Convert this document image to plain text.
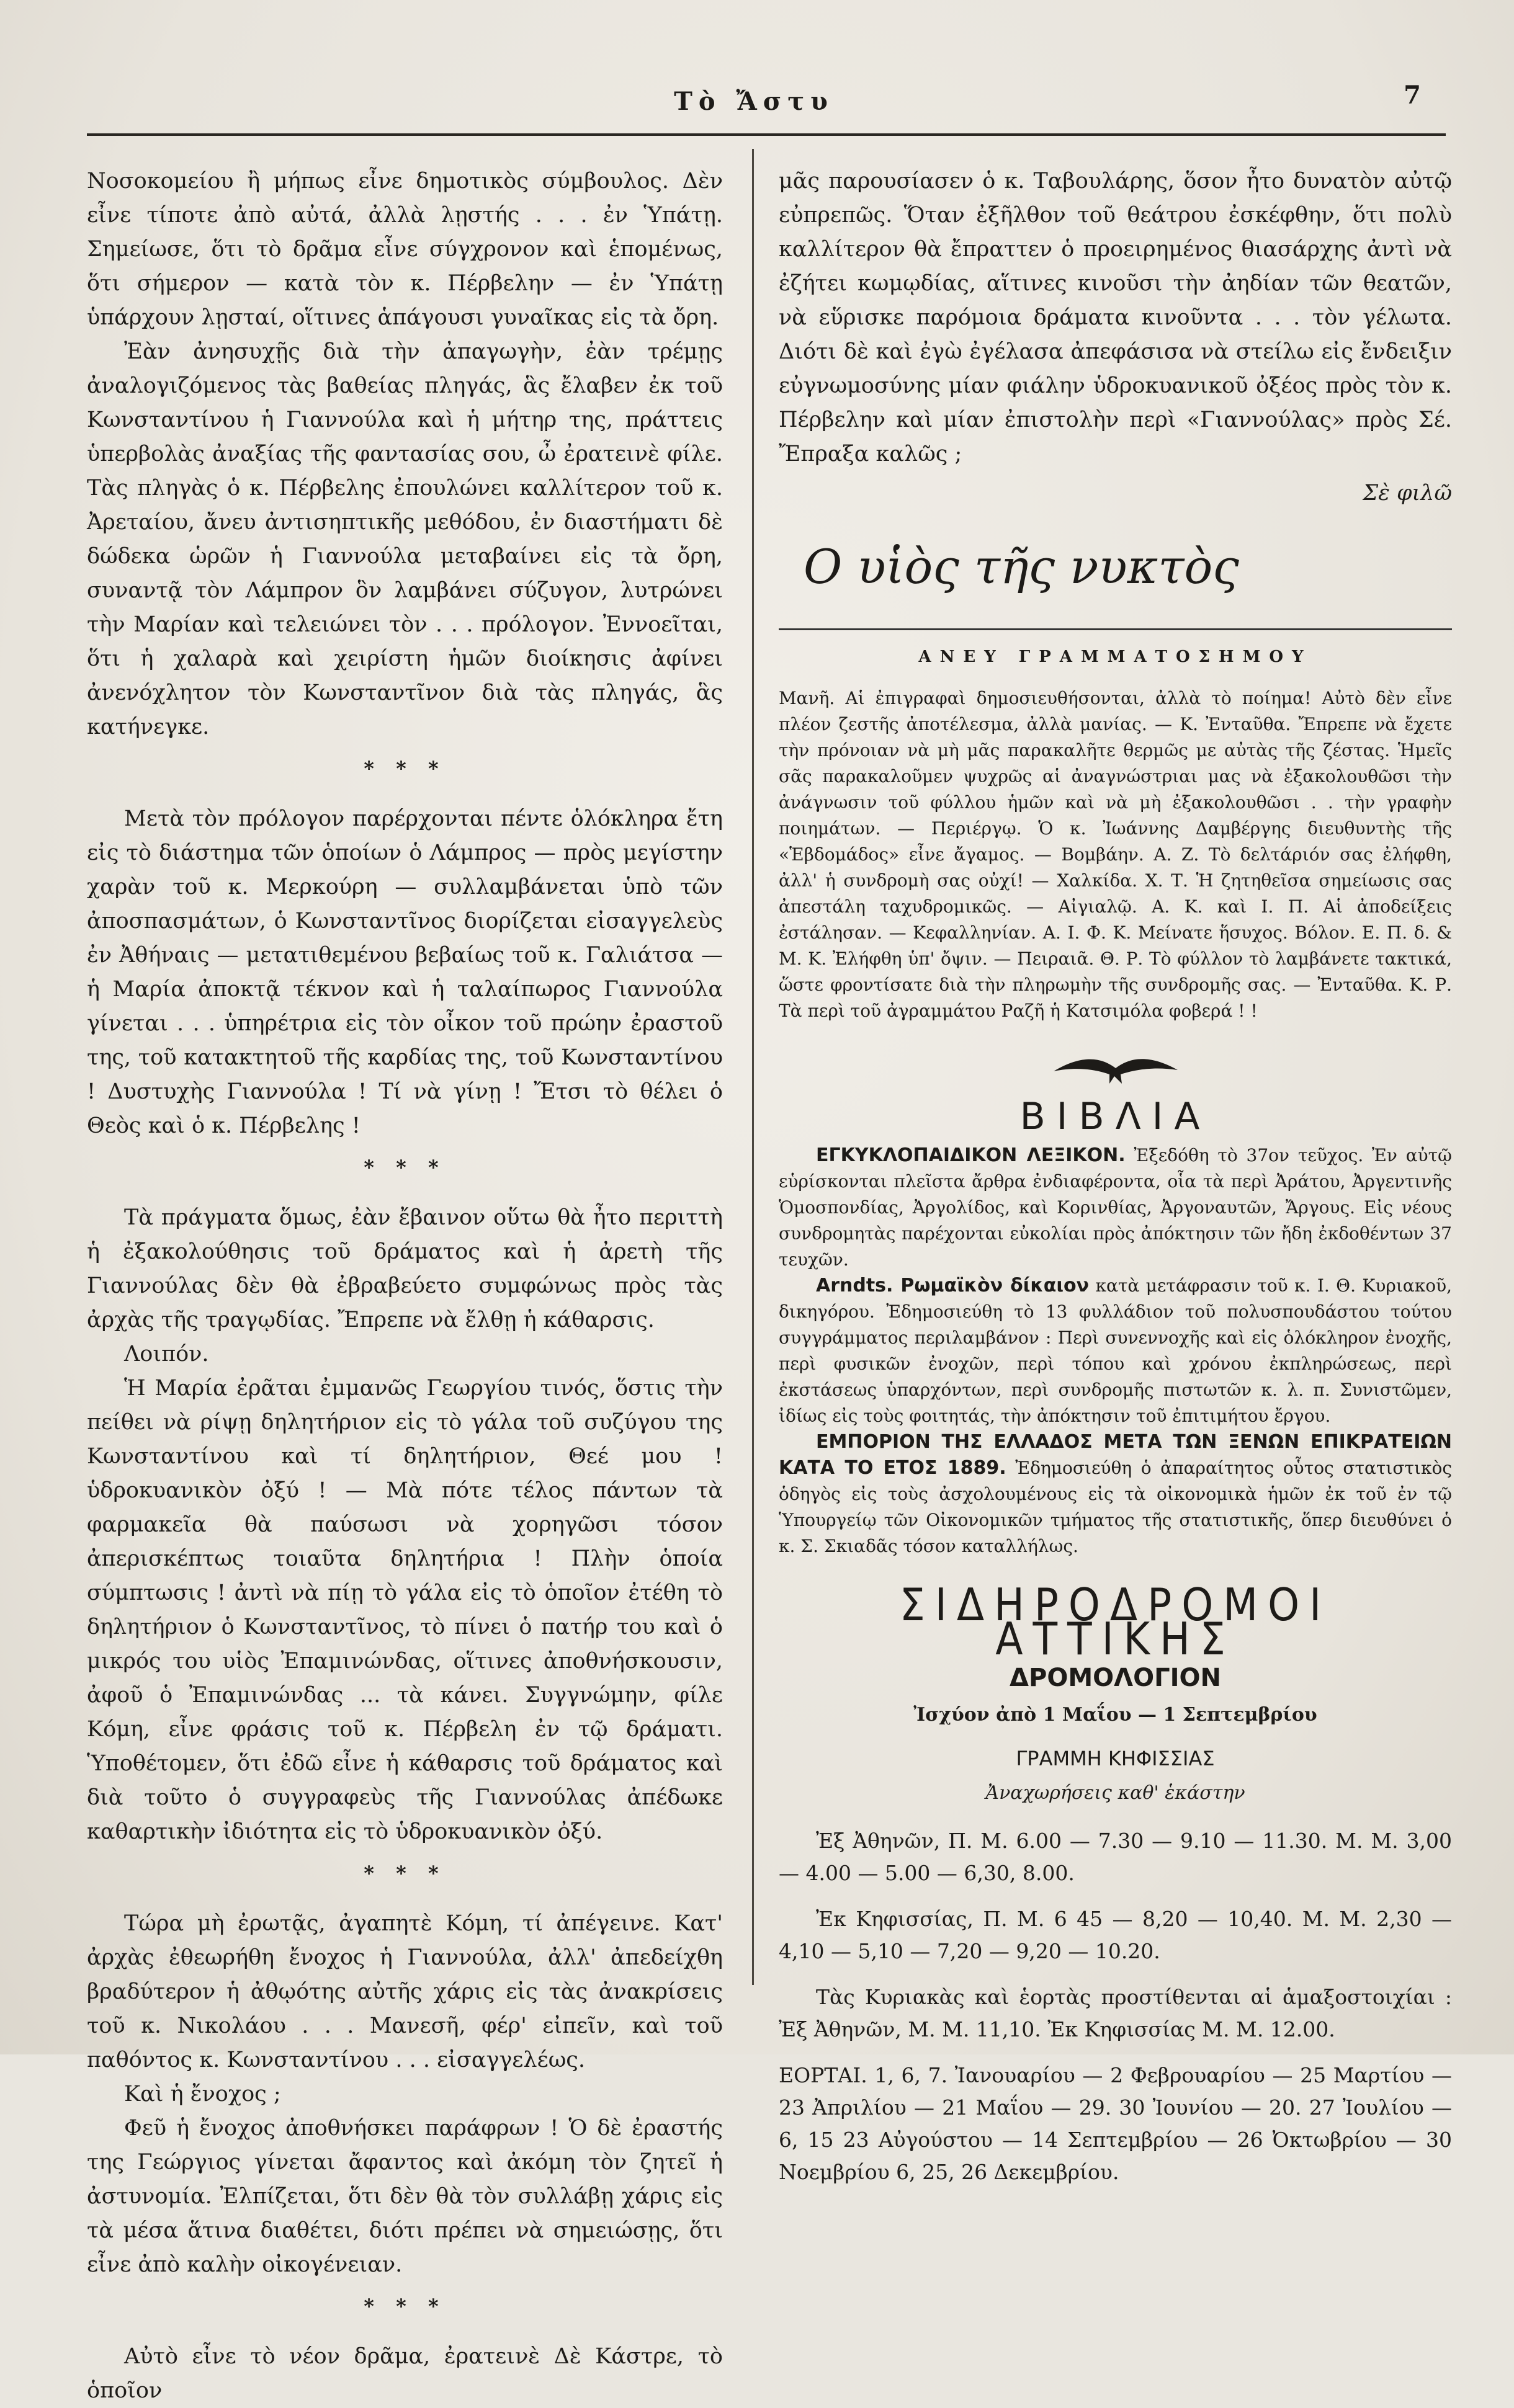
Τὸ Ἄστυ	7

Νοσοκομείου ἢ μήπως εἶνε δημοτικὸς σύμβουλος. Δὲν εἶνε τίποτε ἀπὸ αὐτά, ἀλλὰ λῃστής . . . ἐν Ὑπάτῃ. Σημείωσε, ὅτι τὸ δρᾶμα εἶνε σύγχρονον καὶ ἑπομένως, ὅτι σήμερον — κατὰ τὸν κ. Πέρβελην — ἐν Ὑπάτῃ ὑπάρχουν λῃσταί, οἵτινες ἁπάγουσι γυναῖκας εἰς τὰ ὄρη.

Ἐὰν ἀνησυχῇς διὰ τὴν ἀπαγωγὴν, ἐὰν τρέμῃς ἀναλογιζόμενος τὰς βαθείας πληγάς, ἃς ἔλαβεν ἐκ τοῦ Κωνσταντίνου ἡ Γιαννούλα καὶ ἡ μήτηρ της, πράττεις ὑπερβολὰς ἀναξίας τῆς φαντασίας σου, ὦ ἐρατεινὲ φίλε. Τὰς πληγὰς ὁ κ. Πέρβελης ἐπουλώνει καλλίτερον τοῦ κ. Ἀρεταίου, ἄνευ ἀντισηπτικῆς μεθόδου, ἐν διαστήματι δὲ δώδεκα ὡρῶν ἡ Γιαννούλα μεταβαίνει εἰς τὰ ὄρη, συναντᾷ τὸν Λάμπρον ὃν λαμβάνει σύζυγον, λυτρώνει τὴν Μαρίαν καὶ τελειώνει τὸν . . . πρόλογον. Ἐννοεῖται, ὅτι ἡ χαλαρὰ καὶ χειρίστη ἡμῶν διοίκησις ἀφίνει ἀνενόχλητον τὸν Κωνσταντῖνον διὰ τὰς πληγάς, ἃς κατήνεγκε.

* * *

Μετὰ τὸν πρόλογον παρέρχονται πέντε ὁλόκληρα ἔτη εἰς τὸ διάστημα τῶν ὁποίων ὁ Λάμπρος — πρὸς μεγίστην χαρὰν τοῦ κ. Μερκούρη — συλλαμβάνεται ὑπὸ τῶν ἀποσπασμάτων, ὁ Κωνσταντῖνος διορίζεται εἰσαγγελεὺς ἐν Ἀθήναις — μετατιθεμένου βεβαίως τοῦ κ. Γαλιάτσα — ἡ Μαρία ἀποκτᾷ τέκνον καὶ ἡ ταλαίπωρος Γιαννούλα γίνεται . . . ὑπηρέτρια εἰς τὸν οἶκον τοῦ πρώην ἐραστοῦ της, τοῦ κατακτητοῦ τῆς καρδίας της, τοῦ Κωνσταντίνου ! Δυστυχὴς Γιαννούλα ! Τί νὰ γίνῃ ! Ἔτσι τὸ θέλει ὁ Θεὸς καὶ ὁ κ. Πέρβελης !

* * *

Τὰ πράγματα ὅμως, ἐὰν ἔβαινον οὕτω θὰ ἦτο περιττὴ ἡ ἐξακολούθησις τοῦ δράματος καὶ ἡ ἀρετὴ τῆς Γιαννούλας δὲν θὰ ἐβραβεύετο συμφώνως πρὸς τὰς ἀρχὰς τῆς τραγῳδίας. Ἔπρεπε νὰ ἔλθῃ ἡ κάθαρσις.

Λοιπόν.

Ἡ Μαρία ἐρᾶται ἐμμανῶς Γεωργίου τινός, ὅστις τὴν πείθει νὰ ρίψῃ δηλητήριον εἰς τὸ γάλα τοῦ συζύγου της Κωνσταντίνου καὶ τί δηλητήριον, Θεέ μου ! ὑδροκυανικὸν ὀξύ ! — Μὰ πότε τέλος πάντων τὰ φαρμακεῖα θὰ παύσωσι νὰ χορηγῶσι τόσον ἀπερισκέπτως τοιαῦτα δηλητήρια ! Πλὴν ὁποία σύμπτωσις ! ἀντὶ νὰ πίῃ τὸ γάλα εἰς τὸ ὁποῖον ἐτέθη τὸ δηλητήριον ὁ Κωνσταντῖνος, τὸ πίνει ὁ πατήρ του καὶ ὁ μικρός του υἱὸς Ἐπαμινώνδας, οἵτινες ἀποθνήσκουσιν, ἀφοῦ ὁ Ἐπαμινώνδας ... τὰ κάνει. Συγγνώμην, φίλε Κόμη, εἶνε φράσις τοῦ κ. Πέρβελη ἐν τῷ δράματι. Ὑποθέτομεν, ὅτι ἐδῶ εἶνε ἡ κάθαρσις τοῦ δράματος καὶ διὰ τοῦτο ὁ συγγραφεὺς τῆς Γιαννούλας ἀπέδωκε καθαρτικὴν ἰδιότητα εἰς τὸ ὑδροκυανικὸν ὀξύ.

* * *

Τώρα μὴ ἐρωτᾷς, ἀγαπητὲ Κόμη, τί ἀπέγεινε. Κατ' ἀρχὰς ἐθεωρήθη ἔνοχος ἡ Γιαννούλα, ἀλλ' ἀπεδείχθη βραδύτερον ἡ ἀθῳότης αὐτῆς χάρις εἰς τὰς ἀνακρίσεις τοῦ κ. Νικολάου . . . Μανεσῆ, φέρ' εἰπεῖν, καὶ τοῦ παθόντος κ. Κωνσταντίνου . . . εἰσαγγελέως.

Καὶ ἡ ἔνοχος ;

Φεῦ ἡ ἔνοχος ἀποθνήσκει παράφρων ! Ὁ δὲ ἐραστής της Γεώργιος γίνεται ἄφαντος καὶ ἀκόμη τὸν ζητεῖ ἡ ἀστυνομία. Ἐλπίζεται, ὅτι δὲν θὰ τὸν συλλάβῃ χάρις εἰς τὰ μέσα ἅτινα διαθέτει, διότι πρέπει νὰ σημειώσῃς, ὅτι εἶνε ἀπὸ καλὴν οἰκογένειαν.

* * *

Αὐτὸ εἶνε τὸ νέον δρᾶμα, ἐρατεινὲ Δὲ Κάστρε, τὸ ὁποῖον

μᾶς παρουσίασεν ὁ κ. Ταβουλάρης, ὅσον ἦτο δυνατὸν αὐτῷ εὐπρεπῶς. Ὅταν ἐξῆλθον τοῦ θεάτρου ἐσκέφθην, ὅτι πολὺ καλλίτερον θὰ ἔπραττεν ὁ προειρημένος θιασάρχης ἀντὶ νὰ ἐζήτει κωμῳδίας, αἵτινες κινοῦσι τὴν ἀηδίαν τῶν θεατῶν, νὰ εὕρισκε παρόμοια δράματα κινοῦντα . . . τὸν γέλωτα. Διότι δὲ καὶ ἐγὼ ἐγέλασα ἀπεφάσισα νὰ στείλω εἰς ἔνδειξιν εὐγνωμοσύνης μίαν φιάλην ὑδροκυανικοῦ ὀξέος πρὸς τὸν κ. Πέρβελην καὶ μίαν ἐπιστολὴν περὶ «Γιαννούλας» πρὸς Σέ. Ἔπραξα καλῶς ;

Σὲ φιλῶ

Ο υἱὸς τῆς νυκτὸς
ΑΝΕΥ ΓΡΑΜΜΑΤΟΣΗΜΟΥ

Μανῆ. Αἱ ἐπιγραφαὶ δημοσιευθήσονται, ἀλλὰ τὸ ποίημα! Αὐτὸ δὲν εἶνε πλέον ζεστῆς ἀποτέλεσμα, ἀλλὰ μανίας. — Κ. Ἐνταῦθα. Ἔπρεπε νὰ ἔχετε τὴν πρόνοιαν νὰ μὴ μᾶς παρακαλῆτε θερμῶς με αὐτὰς τῆς ζέστας. Ἡμεῖς σᾶς παρακαλοῦμεν ψυχρῶς αἱ ἀναγνώστριαι μας νὰ ἐξακολουθῶσι τὴν ἀνάγνωσιν τοῦ φύλλου ἡμῶν καὶ νὰ μὴ ἐξακολουθῶσι . . τὴν γραφὴν ποιημάτων. — Περιέργῳ. Ὁ κ. Ἰωάννης Δαμβέργης διευθυντὴς τῆς «Ἑβδομάδος» εἶνε ἄγαμος. — Βομβάην. Α. Ζ. Τὸ δελτάριόν σας ἐλήφθη, ἀλλ' ἡ συνδρομὴ σας οὐχί! — Χαλκίδα. Χ. Τ. Ἡ ζητηθεῖσα σημείωσις σας ἀπεστάλη ταχυδρομικῶς. — Αἰγιαλῷ. Α. Κ. καὶ Ι. Π. Αἱ ἀποδείξεις ἐστάλησαν. — Κεφαλληνίαν. Α. Ι. Φ. Κ. Μείνατε ἥσυχος. Βόλον. Ε. Π. δ. & Μ. Κ. Ἐλήφθη ὑπ' ὄψιν. — Πειραιᾶ. Θ. Ρ. Τὸ φύλλον τὸ λαμβάνετε τακτικά, ὥστε φροντίσατε διὰ τὴν πληρωμὴν τῆς συνδρομῆς σας. — Ἐνταῦθα. Κ. Ρ. Τὰ περὶ τοῦ ἀγραμμάτου Ραζῆ ἡ Κατσιμόλα φοβερά ! !

ΒΙΒΛΙΑ

ΕΓΚΥΚΛΟΠΑΙΔΙΚΟΝ ΛΕΞΙΚΟΝ. Ἐξεδόθη τὸ 37ον τεῦχος. Ἐν αὐτῷ εὑρίσκονται πλεῖστα ἄρθρα ἐνδιαφέροντα, οἷα τὰ περὶ Ἀράτου, Ἀργεντινῆς Ὁμοσπονδίας, Ἀργολίδος, καὶ Κορινθίας, Ἀργοναυτῶν, Ἄργους. Εἰς νέους συνδρομητὰς παρέχονται εὐκολίαι πρὸς ἀπόκτησιν τῶν ἤδη ἐκδοθέντων 37 τευχῶν.

Arndts. Ρωμαϊκὸν δίκαιον κατὰ μετάφρασιν τοῦ κ. Ι. Θ. Κυριακοῦ, δικηγόρου. Ἐδημοσιεύθη τὸ 13 φυλλάδιον τοῦ πολυσπουδάστου τούτου συγγράμματος περιλαμβάνον : Περὶ συνεννοχῆς καὶ εἰς ὁλόκληρον ἐνοχῆς, περὶ φυσικῶν ἐνοχῶν, περὶ τόπου καὶ χρόνου ἐκπληρώσεως, περὶ ἐκστάσεως ὑπαρχόντων, περὶ συνδρομῆς πιστωτῶν κ. λ. π. Συνιστῶμεν, ἰδίως εἰς τοὺς φοιτητάς, τὴν ἀπόκτησιν τοῦ ἐπιτιμήτου ἔργου.

ΕΜΠΟΡΙΟΝ ΤΗΣ ΕΛΛΑΔΟΣ ΜΕΤΑ ΤΩΝ ΞΕΝΩΝ ΕΠΙΚΡΑΤΕΙΩΝ ΚΑΤΑ ΤΟ ΕΤΟΣ 1889. Ἐδημοσιεύθη ὁ ἀπαραίτητος οὗτος στατιστικὸς ὁδηγὸς εἰς τοὺς ἀσχολουμένους εἰς τὰ οἰκονομικὰ ἡμῶν ἐκ τοῦ ἐν τῷ Ὑπουργείῳ τῶν Οἰκονομικῶν τμήματος τῆς στατιστικῆς, ὅπερ διευθύνει ὁ κ. Σ. Σκιαδᾶς τόσον καταλλήλως.

ΣΙΔΗΡΟΔΡΟΜΟΙ ΑΤΤΙΚΗΣ
ΔΡΟΜΟΛΟΓΙΟΝ
Ἰσχύον ἀπὸ 1 Μαΐου — 1 Σεπτεμβρίου
ΓΡΑΜΜΗ ΚΗΦΙΣΣΙΑΣ
Ἀναχωρήσεις καθ' ἑκάστην

Ἐξ Ἀθηνῶν, Π. Μ. 6.00 — 7.30 — 9.10 — 11.30. Μ. Μ. 3,00 — 4.00 — 5.00 — 6,30, 8.00.

Ἐκ Κηφισσίας, Π. Μ. 6 45 — 8,20 — 10,40. Μ. Μ. 2,30 — 4,10 — 5,10 — 7,20 — 9,20 — 10.20.

Τὰς Κυριακὰς καὶ ἑορτὰς προστίθενται αἱ ἁμαξοστοιχίαι : Ἐξ Ἀθηνῶν, Μ. Μ. 11,10. Ἐκ Κηφισσίας Μ. Μ. 12.00.

ΕΟΡΤΑΙ. 1, 6, 7. Ἰανουαρίου — 2 Φεβρουαρίου — 25 Μαρτίου — 23 Ἀπριλίου — 21 Μαΐου — 29. 30 Ἰουνίου — 20. 27 Ἰουλίου — 6, 15 23 Αὐγούστου — 14 Σεπτεμβρίου — 26 Ὀκτωβρίου — 30 Νοεμβρίου 6, 25, 26 Δεκεμβρίου.
